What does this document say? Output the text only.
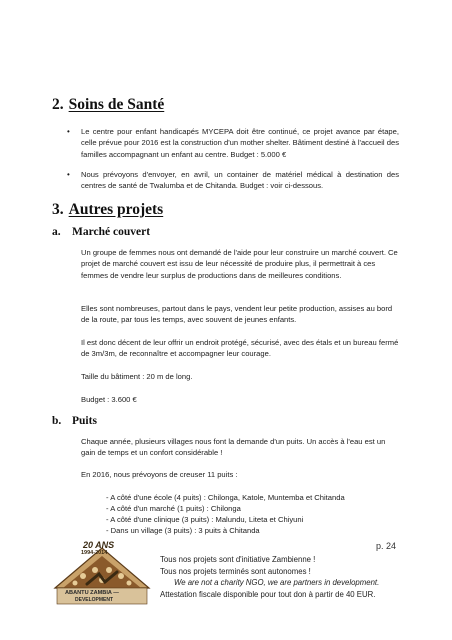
2. Soins de Santé
• Le centre pour enfant handicapés MYCEPA doit être continué, ce projet avance par étape, celle prévue pour 2016 est la construction d'un mother shelter. Bâtiment destiné à l'accueil des familles accompagnant un enfant au centre. Budget : 5.000 €
• Nous prévoyons d'envoyer, en avril, un container de matériel médical à destination des centres de santé de Twalumba et de Chitanda. Budget : voir ci-dessous.
3. Autres projets
a. Marché couvert
Un groupe de femmes nous ont demandé de l'aide pour leur construire un marché couvert. Ce projet de marché couvert est issu de leur nécessité de produire plus, il permettrait à ces femmes de vendre leur surplus de productions dans de meilleures conditions.
Elles sont nombreuses, partout dans le pays, vendent leur petite production, assises au bord de la route, par tous les temps, avec souvent de jeunes enfants.
Il est donc décent de leur offrir un endroit protégé, sécurisé, avec des étals et un bureau fermé de 3m/3m, de reconnaître et accompagner leur courage.
Taille du bâtiment : 20 m de long.
Budget : 3.600 €
b. Puits
Chaque année, plusieurs villages nous font la demande d'un puits. Un accès à l'eau est un gain de temps et un confort considérable !
En 2016, nous prévoyons de creuser 11 puits :
- A côté d'une école (4 puits) : Chilonga, Katole, Muntemba et Chitanda
- A côté d'un marché (1 puits) : Chilonga
- A côté d'une clinique (3 puits) : Malundu, Liteta et Chiyuni
- Dans un village (3 puits) : 3 puits à Chitanda
p. 24
20 ANS
1994-2014
ABANTU ZAMBIA —
DEVELOPMENT
Tous nos projets sont d'initiative Zambienne !
Tous nos projets terminés sont autonomes !
We are not a charity NGO, we are partners in development.
Attestation fiscale disponible pour tout don à partir de 40 EUR.
